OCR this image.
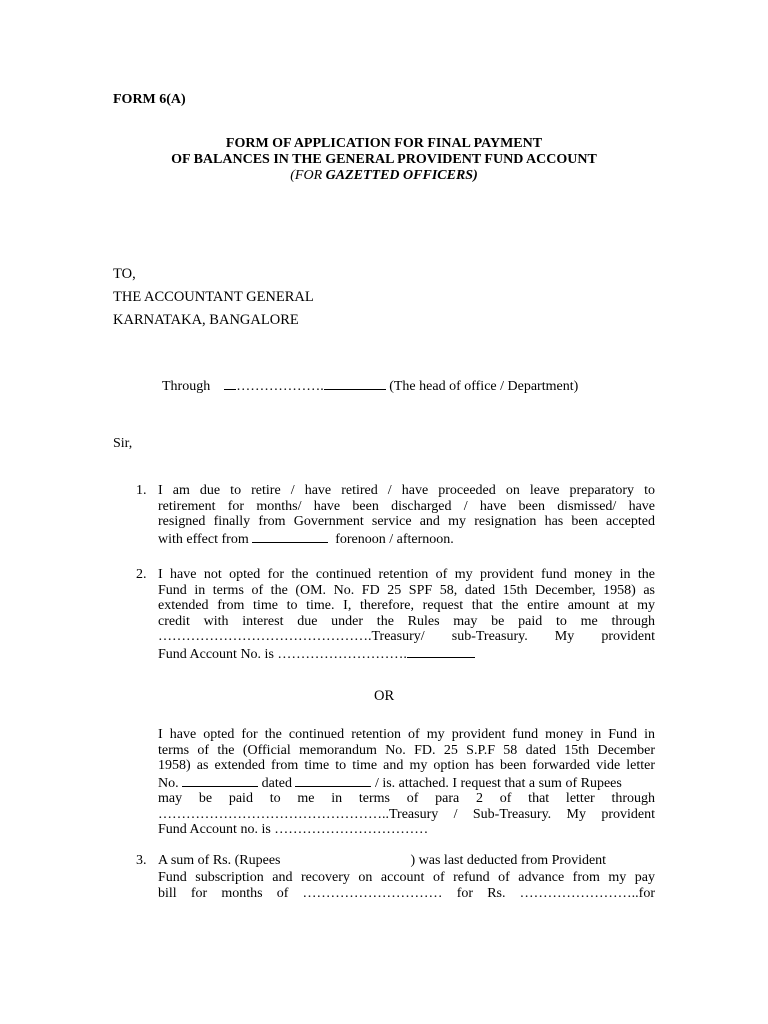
FORM 6(A)
FORM OF APPLICATION FOR FINAL PAYMENT
OF BALANCES IN THE GENERAL PROVIDENT FUND ACCOUNT
(FOR GAZETTED OFFICERS)
TO,
THE ACCOUNTANT GENERAL
KARNATAKA, BANGALORE
Through ……………….	(The head of office / Department)
Sir,
1. I am due to retire / have retired / have proceeded on leave preparatory to
retirement for months/ have been discharged / have been dismissed/ have
resigned finally from Government service and my resignation has been accepted
with effect from	forenoon / afternoon.
2. I have not opted for the continued retention of my provident fund money in the
Fund in terms of the (OM. No. FD 25 SPF 58, dated 15th December, 1958) as
extended from time to time. I, therefore, request that the entire amount at my
credit with interest due under the Rules may be paid to me through
……………………………………….Treasury/ sub-Treasury. My provident
Fund Account No. is ……………………….
OR
I have opted for the continued retention of my provident fund money in Fund in
terms of the (Official memorandum No. FD. 25 S.P.F 58 dated 15th December
1958) as extended from time to time and my option has been forwarded vide letter
No.	dated	/ is. attached. I request that a sum of Rupees
may be paid to me in terms of para 2 of that letter through
…………………………………………..Treasury / Sub-Treasury. My provident
Fund Account no. is ……………………………
3. A sum of Rs. (Rupees	) was last deducted from Provident
Fund subscription and recovery on account of refund of advance from my pay
bill for months of ………………………… for Rs. ……………………..for
